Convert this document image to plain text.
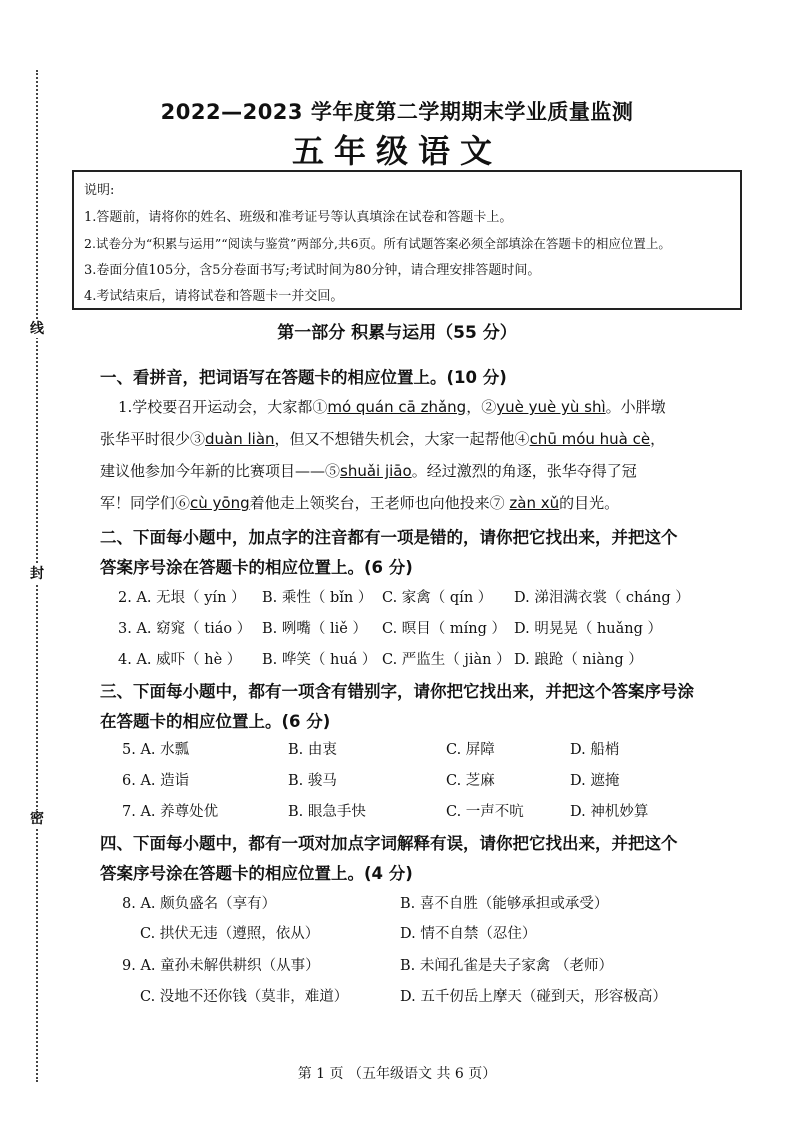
线
封
密
2022—2023 学年度第二学期期末学业质量监测
五年级语文
说明:
1.答题前，请将你的姓名、班级和准考证号等认真填涂在试卷和答题卡上。
2.试卷分为“积累与运用”“阅读与鉴赏”两部分,共6页。所有试题答案必须全部填涂在答题卡的相应位置上。
3.卷面分值105分，含5分卷面书写;考试时间为80分钟，请合理安排答题时间。
4.考试结束后，请将试卷和答题卡一并交回。
第一部分 积累与运用（55 分）
一、看拼音，把词语写在答题卡的相应位置上。(10 分)
1.学校要召开运动会，大家都①mó quán cā zhǎng，②yuè yuè yù shì。小胖墩
张华平时很少③duàn liàn，但又不想错失机会，大家一起帮他④chū móu huà cè，
建议他参加今年新的比赛项目——⑤shuǎi jiāo。经过激烈的角逐，张华夺得了冠
军！同学们⑥cù yōng着他走上领奖台，王老师也向他投来⑦ zàn xǔ的目光。
二、下面每小题中，加点字的注音都有一项是错的，请你把它找出来，并把这个
答案序号涂在答题卡的相应位置上。(6 分)
2. A. 无垠（ yín ） B. 乘性（ bǐn ） C. 家禽（ qín ） D. 涕泪满衣裳（ cháng ）
3. A. 窈窕（ tiáo ） B. 咧嘴（ liě ） C. 暝目（ míng ） D. 明晃晃（ huǎng ）
4. A. 威吓（ hè ） B. 哗笑（ huá ） C. 严监生（ jiàn ） D. 踉跄（ niàng ）
三、下面每小题中，都有一项含有错别字，请你把它找出来，并把这个答案序号涂
在答题卡的相应位置上。(6 分)
5. A. 水瓢	B. 由衷	C. 屏障	D. 船梢
6. A. 造诣	B. 骏马	C. 芝麻	D. 遮掩
7. A. 养尊处优	B. 眼急手快	C. 一声不吭	D. 神机妙算
四、下面每小题中，都有一项对加点字词解释有误，请你把它找出来，并把这个
答案序号涂在答题卡的相应位置上。(4 分)
8. A. 颇负盛名（享有）	B. 喜不自胜（能够承担或承受）
C. 拱伏无违（遵照，依从）	D. 情不自禁（忍住）
9. A. 童孙未解供耕织（从事）	B. 未闻孔雀是夫子家禽 （老师）
C. 没地不还你钱（莫非，难道）	D. 五千仞岳上摩天（碰到天，形容极高）
第 1 页 （五年级语文 共 6 页）
